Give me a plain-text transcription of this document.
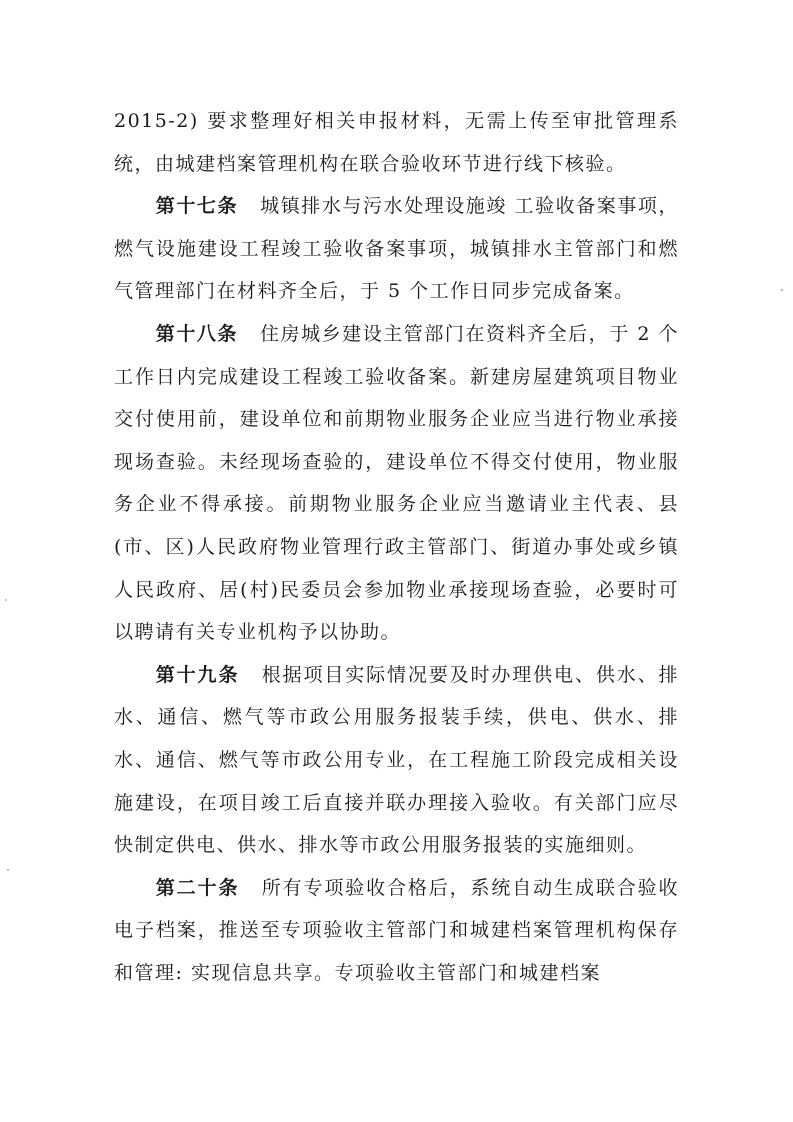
2015-2) 要求整理好相关申报材料，无需上传至审批管理系统，由城建档案管理机构在联合验收环节进行线下核验。

第十七条 城镇排水与污水处理设施竣 工验收备案事项，燃气设施建设工程竣工验收备案事项，城镇排水主管部门和燃气管理部门在材料齐全后，于 5 个工作日同步完成备案。

第十八条 住房城乡建设主管部门在资料齐全后，于 2 个工作日内完成建设工程竣工验收备案。新建房屋建筑项目物业交付使用前，建设单位和前期物业服务企业应当进行物业承接现场查验。未经现场查验的，建设单位不得交付使用，物业服务企业不得承接。前期物业服务企业应当邀请业主代表、县(市、区)人民政府物业管理行政主管部门、街道办事处或乡镇人民政府、居(村)民委员会参加物业承接现场查验，必要时可以聘请有关专业机构予以协助。

第十九条 根据项目实际情况要及时办理供电、供水、排水、通信、燃气等市政公用服务报装手续，供电、供水、排水、通信、燃气等市政公用专业，在工程施工阶段完成相关设施建设，在项目竣工后直接并联办理接入验收。有关部门应尽快制定供电、供水、排水等市政公用服务报装的实施细则。

第二十条 所有专项验收合格后，系统自动生成联合验收电子档案，推送至专项验收主管部门和城建档案管理机构保存和管理: 实现信息共享。专项验收主管部门和城建档案
